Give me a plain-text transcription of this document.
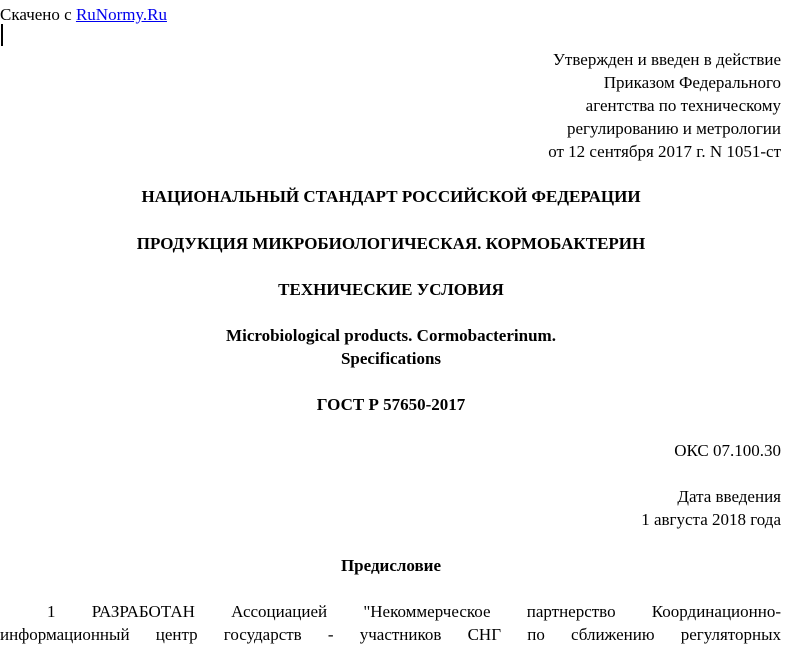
Скачено с RuNormy.Ru
Утвержден и введен в действие
Приказом Федерального
агентства по техническому
регулированию и метрологии
от 12 сентября 2017 г. N 1051-ст
НАЦИОНАЛЬНЫЙ СТАНДАРТ РОССИЙСКОЙ ФЕДЕРАЦИИ
ПРОДУКЦИЯ МИКРОБИОЛОГИЧЕСКАЯ. КОРМОБАКТЕРИН
ТЕХНИЧЕСКИЕ УСЛОВИЯ
Microbiological products. Cormobacterinum.
Specifications
ГОСТ Р 57650-2017
ОКС 07.100.30
Дата введения
1 августа 2018 года
Предисловие
1 РАЗРАБОТАН Ассоциацией "Некоммерческое партнерство Координационно-
информационный центр государств - участников СНГ по сближению регуляторных
